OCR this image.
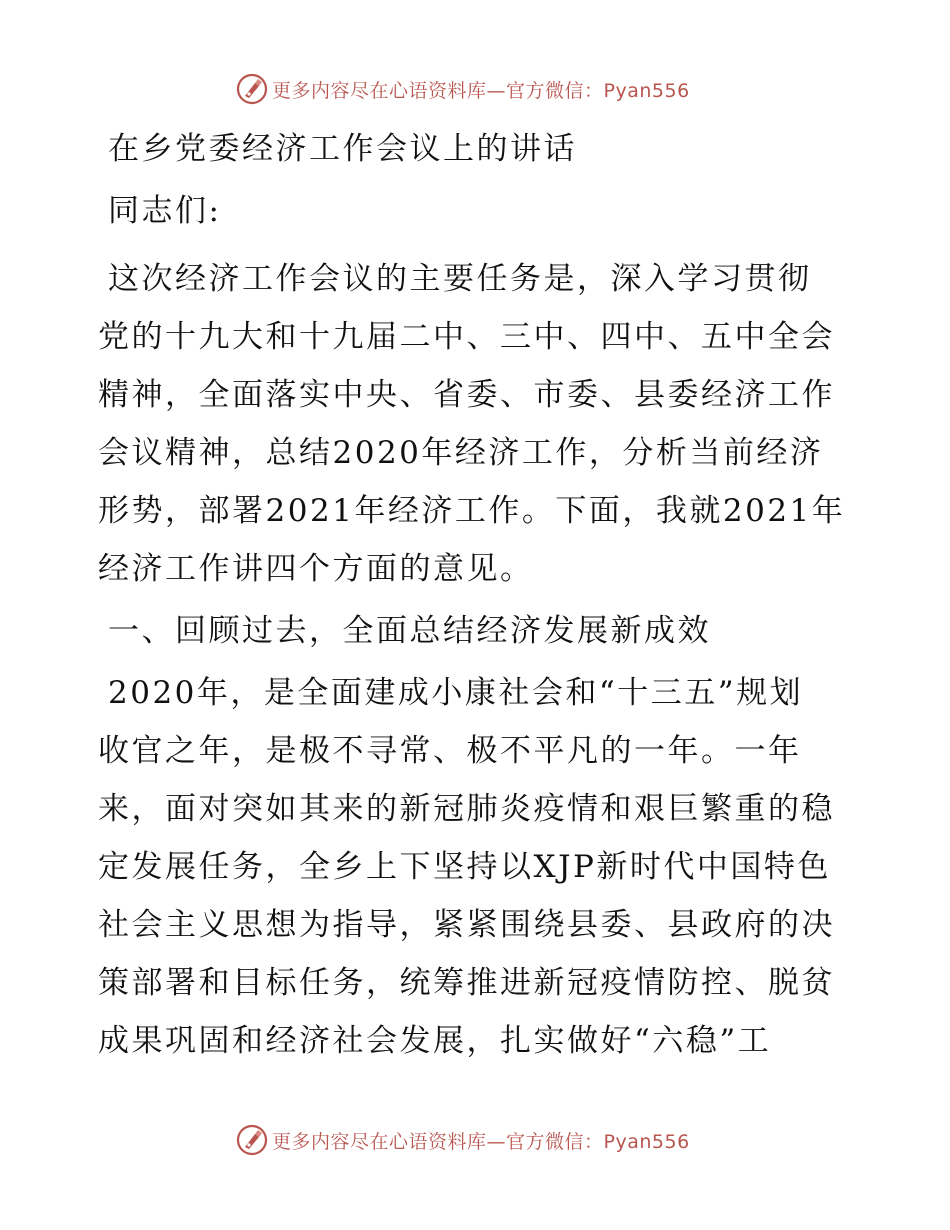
更多内容尽在心语资料库—官方微信：Pyan556
在乡党委经济工作会议上的讲话
同志们:
这次经济工作会议的主要任务是，深入学习贯彻
党的十九大和十九届二中、三中、四中、五中全会
精神，全面落实中央、省委、市委、县委经济工作
会议精神，总结2020年经济工作，分析当前经济
形势，部署2021年经济工作。下面，我就2021年
经济工作讲四个方面的意见。
一、回顾过去，全面总结经济发展新成效
2020年，是全面建成小康社会和“十三五”规划
收官之年，是极不寻常、极不平凡的一年。一年
来，面对突如其来的新冠肺炎疫情和艰巨繁重的稳
定发展任务，全乡上下坚持以XJP新时代中国特色
社会主义思想为指导，紧紧围绕县委、县政府的决
策部署和目标任务，统筹推进新冠疫情防控、脱贫
成果巩固和经济社会发展，扎实做好“六稳”工
更多内容尽在心语资料库—官方微信：Pyan556
